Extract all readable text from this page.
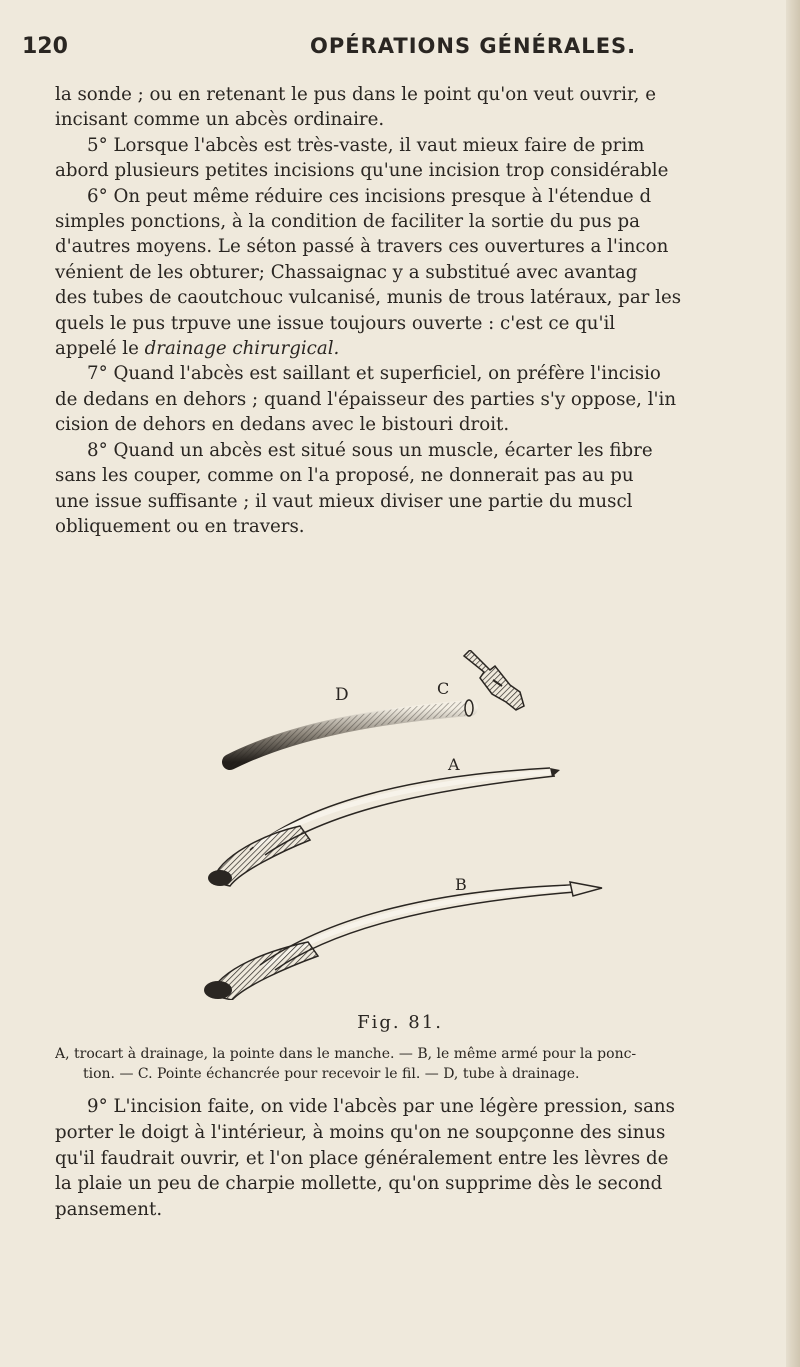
120	OPÉRATIONS GÉNÉRALES.

la sonde ; ou en retenant le pus dans le point qu'on veut ouvrir, e

incisant comme un abcès ordinaire.

5° Lorsque l'abcès est très-vaste, il vaut mieux faire de prim

abord plusieurs petites incisions qu'une incision trop considérable

6° On peut même réduire ces incisions presque à l'étendue d

simples ponctions, à la condition de faciliter la sortie du pus pa

d'autres moyens. Le séton passé à travers ces ouvertures a l'incon

vénient de les obturer; Chassaignac y a substitué avec avantag

des tubes de caoutchouc vulcanisé, munis de trous latéraux, par les

quels le pus trpuve une issue toujours ouverte : c'est ce qu'il

appelé le drainage chirurgical.

7° Quand l'abcès est saillant et superficiel, on préfère l'incisio

de dedans en dehors ; quand l'épaisseur des parties s'y oppose, l'in

cision de dehors en dedans avec le bistouri droit.

8° Quand un abcès est situé sous un muscle, écarter les fibre

sans les couper, comme on l'a proposé, ne donnerait pas au pu

une issue suffisante ; il vaut mieux diviser une partie du muscl

obliquement ou en travers.

D	C
A
B
Fig. 81.

A, trocart à drainage, la pointe dans le manche. — B, le même armé pour la ponc-

tion. — C. Pointe échancrée pour recevoir le fil. — D, tube à drainage.

9° L'incision faite, on vide l'abcès par une légère pression, sans

porter le doigt à l'intérieur, à moins qu'on ne soupçonne des sinus

qu'il faudrait ouvrir, et l'on place généralement entre les lèvres de

la plaie un peu de charpie mollette, qu'on supprime dès le second

pansement.
